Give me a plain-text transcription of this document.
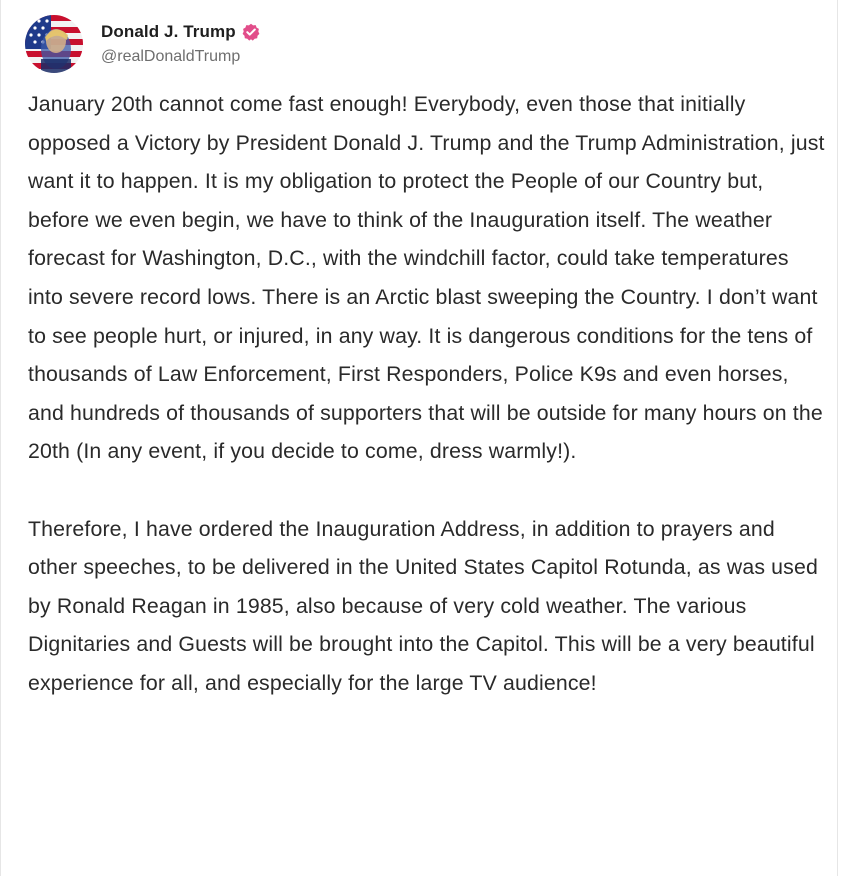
Donald J. Trump
@realDonaldTrump

January 20th cannot come fast enough! Everybody, even those that initially opposed a Victory by President Donald J. Trump and the Trump Administration, just want it to happen. It is my obligation to protect the People of our Country but, before we even begin, we have to think of the Inauguration itself. The weather forecast for Washington, D.C., with the windchill factor, could take temperatures into severe record lows. There is an Arctic blast sweeping the Country. I don’t want to see people hurt, or injured, in any way. It is dangerous conditions for the tens of thousands of Law Enforcement, First Responders, Police K9s and even horses, and hundreds of thousands of supporters that will be outside for many hours on the 20th (In any event, if you decide to come, dress warmly!).

Therefore, I have ordered the Inauguration Address, in addition to prayers and other speeches, to be delivered in the United States Capitol Rotunda, as was used by Ronald Reagan in 1985, also because of very cold weather. The various Dignitaries and Guests will be brought into the Capitol. This will be a very beautiful experience for all, and especially for the large TV audience!
